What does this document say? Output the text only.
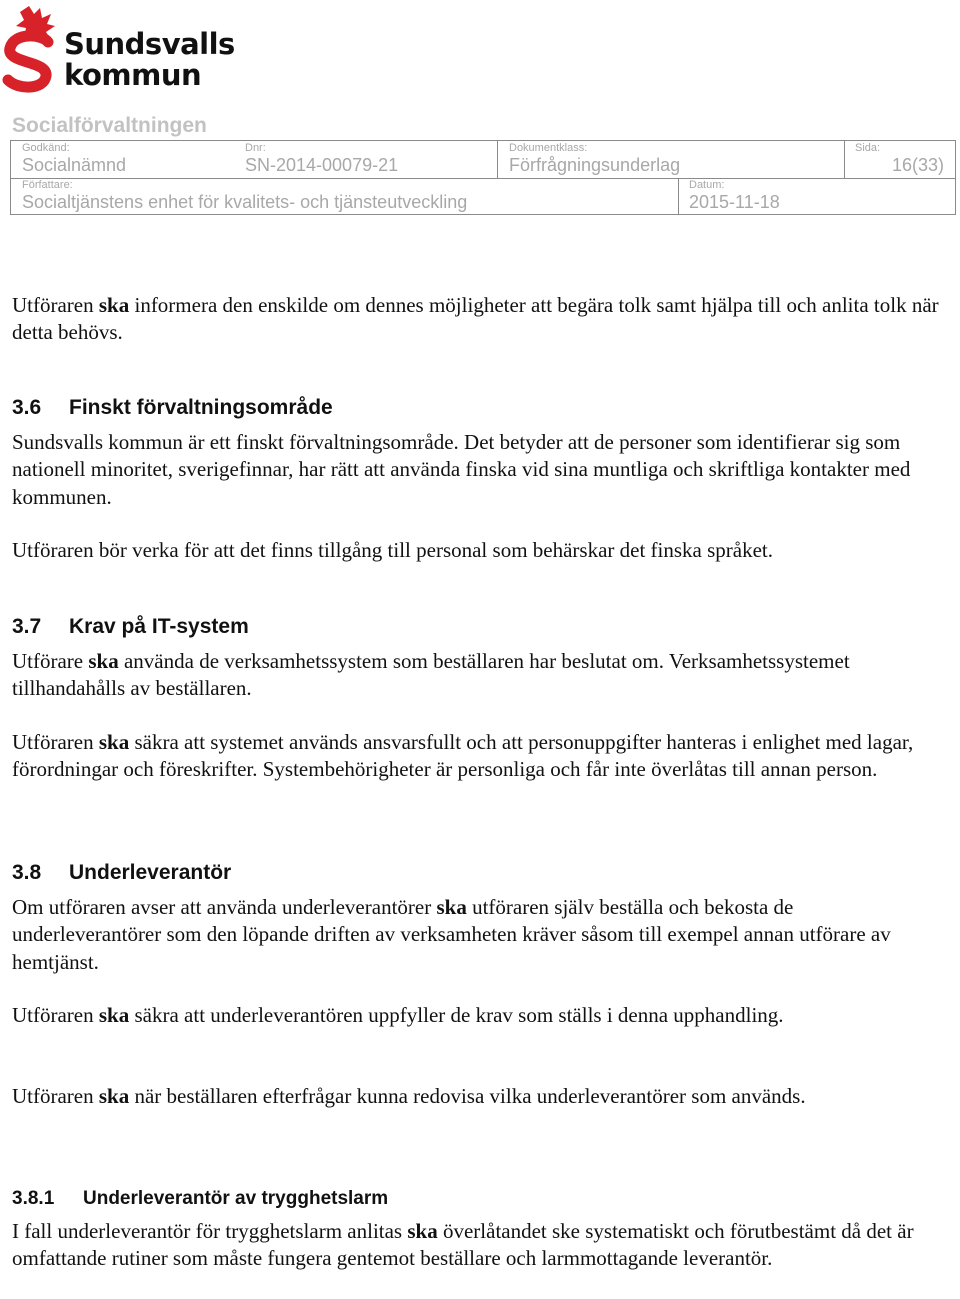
Sundsvalls
kommun
Socialförvaltningen
Godkänd:
Socialnämnd
Dnr:
SN-2014-00079-21
Dokumentklass:
Förfrågningsunderlag
Sida:
16(33)
Författare:
Socialtjänstens enhet för kvalitets- och tjänsteutveckling
Datum:
2015-11-18

Utföraren ska informera den enskilde om dennes möjligheter att begära tolk samt hjälpa till och anlita tolk när detta behövs.

3.6 Finskt förvaltningsområde

Sundsvalls kommun är ett finskt förvaltningsområde. Det betyder att de personer som identifierar sig som nationell minoritet, sverigefinnar, har rätt att använda finska vid sina muntliga och skriftliga kontakter med kommunen.

Utföraren bör verka för att det finns tillgång till personal som behärskar det finska språket.

3.7 Krav på IT-system

Utförare ska använda de verksamhetssystem som beställaren har beslutat om. Verksamhetssystemet tillhandahålls av beställaren.

Utföraren ska säkra att systemet används ansvarsfullt och att personuppgifter hanteras i enlighet med lagar, förordningar och föreskrifter. Systembehörigheter är personliga och får inte överlåtas till annan person.

3.8 Underleverantör

Om utföraren avser att använda underleverantörer ska utföraren själv beställa och bekosta de underleverantörer som den löpande driften av verksamheten kräver såsom till exempel annan utförare av hemtjänst.

Utföraren ska säkra att underleverantören uppfyller de krav som ställs i denna upphandling.

Utföraren ska när beställaren efterfrågar kunna redovisa vilka underleverantörer som används.

3.8.1 Underleverantör av trygghetslarm

I fall underleverantör för trygghetslarm anlitas ska överlåtandet ske systematiskt och förutbestämt då det är omfattande rutiner som måste fungera gentemot beställare och larmmottagande leverantör.
